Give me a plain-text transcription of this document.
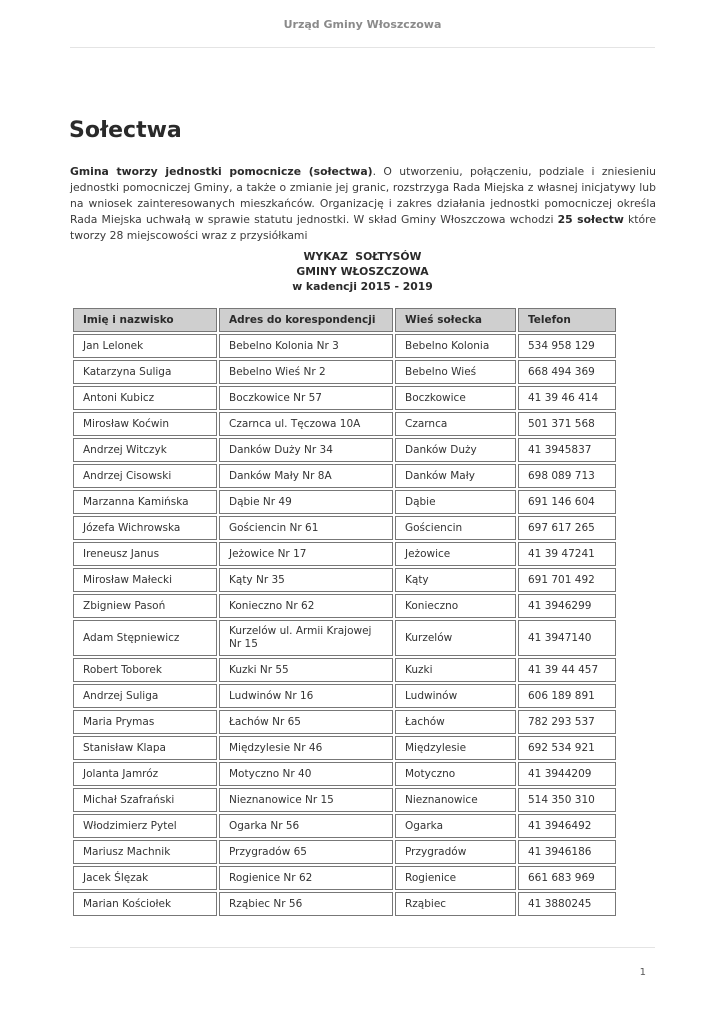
Urząd Gminy Włoszczowa
Sołectwa

Gmina tworzy jednostki pomocnicze (sołectwa). O utworzeniu, połączeniu, podziale i zniesieniu jednostki pomocniczej Gminy, a także o zmianie jej granic, rozstrzyga Rada Miejska z własnej inicjatywy lub na wniosek zainteresowanych mieszkańców. Organizację i zakres działania jednostki pomocniczej określa Rada Miejska uchwałą w sprawie statutu jednostki. W skład Gminy Włoszczowa wchodzi 25 sołectw które tworzy 28 miejscowości wraz z przysiółkami

WYKAZ  SOŁTYSÓW
GMINY WŁOSZCZOWA
w kadencji 2015 - 2019
Imię i nazwisko	Adres do korespondencji	Wieś sołecka	Telefon
Jan Lelonek	Bebelno Kolonia Nr 3	Bebelno Kolonia	534 958 129
Katarzyna Suliga	Bebelno Wieś Nr 2	Bebelno Wieś	668 494 369
Antoni Kubicz	Boczkowice Nr 57	Boczkowice	41 39 46 414
Mirosław Koćwin	Czarnca ul. Tęczowa 10A	Czarnca	501 371 568
Andrzej Witczyk	Danków Duży Nr 34	Danków Duży	41 3945837
Andrzej Cisowski	Danków Mały Nr 8A	Danków Mały	698 089 713
Marzanna Kamińska	Dąbie Nr 49	Dąbie	691 146 604
Józefa Wichrowska	Gościencin Nr 61	Gościencin	697 617 265
Ireneusz Janus	Jeżowice Nr 17	Jeżowice	41 39 47241
Mirosław Małecki	Kąty Nr 35	Kąty	691 701 492
Zbigniew Pasoń	Konieczno Nr 62	Konieczno	41 3946299
Adam Stępniewicz	Kurzelów ul. Armii Krajowej Nr 15	Kurzelów	41 3947140
Robert Toborek	Kuzki Nr 55	Kuzki	41 39 44 457
Andrzej Suliga	Ludwinów Nr 16	Ludwinów	606 189 891
Maria Prymas	Łachów Nr 65	Łachów	782 293 537
Stanisław Klapa	Międzylesie Nr 46	Międzylesie	692 534 921
Jolanta Jamróz	Motyczno Nr 40	Motyczno	41 3944209
Michał Szafrański	Nieznanowice Nr 15	Nieznanowice	514 350 310
Włodzimierz Pytel	Ogarka Nr 56	Ogarka	41 3946492
Mariusz Machnik	Przygradów 65	Przygradów	41 3946186
Jacek Ślęzak	Rogienice Nr 62	Rogienice	661 683 969
Marian Kościołek	Rząbiec Nr 56	Rząbiec	41 3880245
1
